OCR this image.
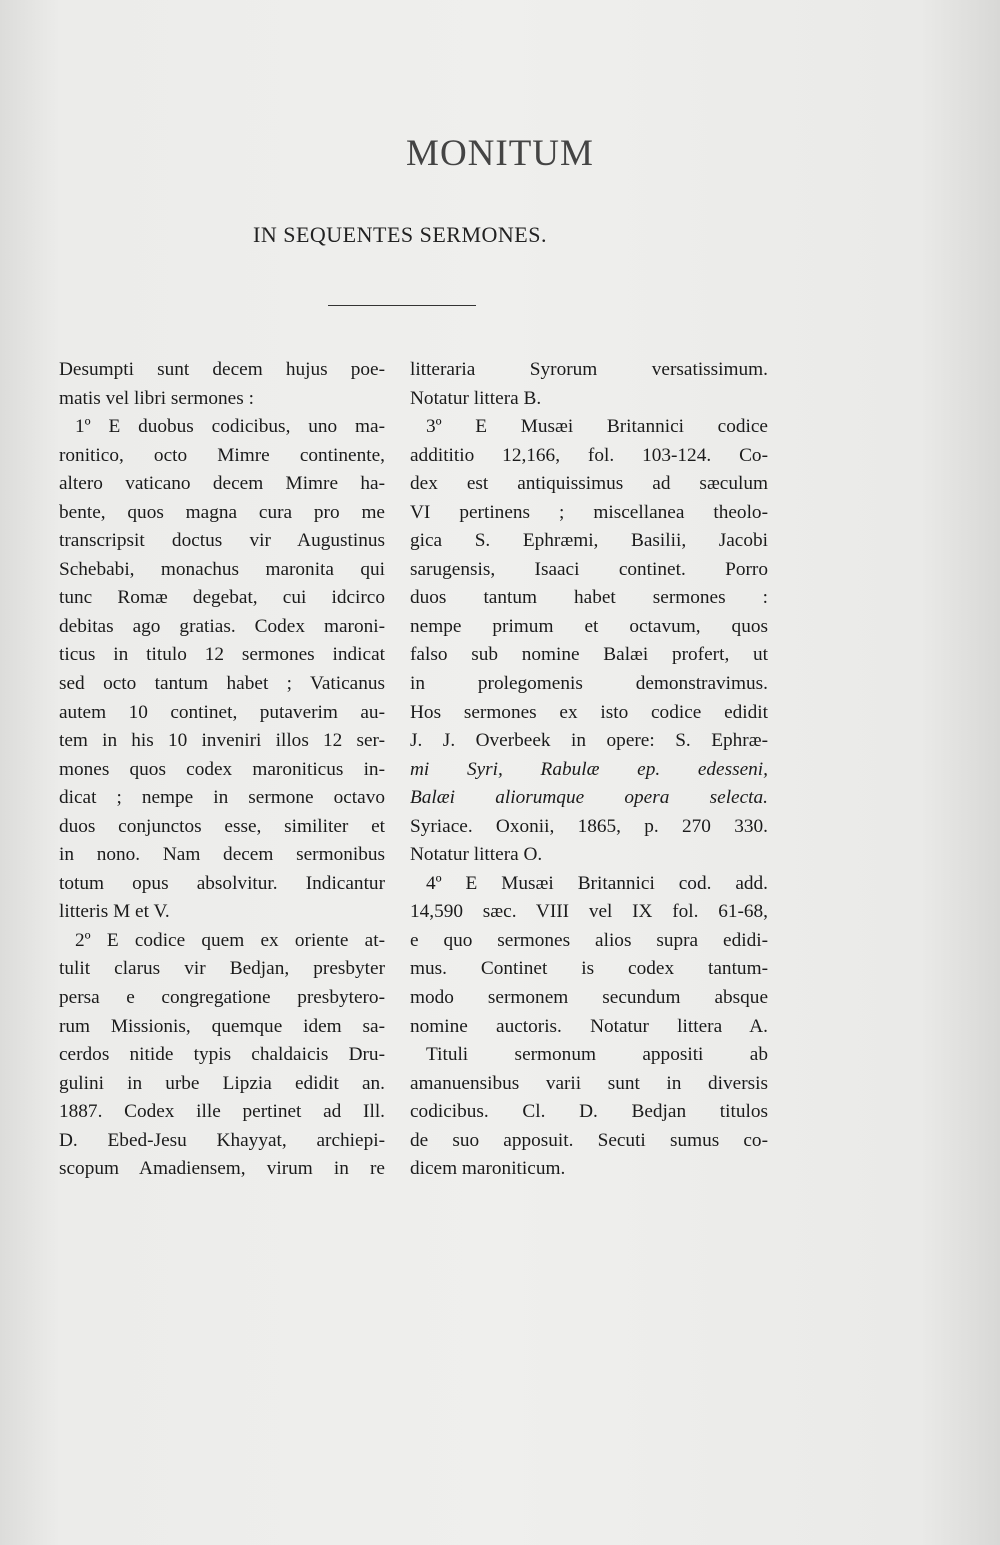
MONITUM
IN SEQUENTES SERMONES.
Desumpti sunt decem hujus poe-
matis vel libri sermones :
1º E duobus codicibus, uno ma-
ronitico, octo Mimre continente,
altero vaticano decem Mimre ha-
bente, quos magna cura pro me
transcripsit doctus vir Augustinus
Schebabi, monachus maronita qui
tunc Romæ degebat, cui idcirco
debitas ago gratias. Codex maroni-
ticus in titulo 12 sermones indicat
sed octo tantum habet ; Vaticanus
autem 10 continet, putaverim au-
tem in his 10 inveniri illos 12 ser-
mones quos codex maroniticus in-
dicat ; nempe in sermone octavo
duos conjunctos esse, similiter et
in nono. Nam decem sermonibus
totum opus absolvitur. Indicantur
litteris M et V.
2º E codice quem ex oriente at-
tulit clarus vir Bedjan, presbyter
persa e congregatione presbytero-
rum Missionis, quemque idem sa-
cerdos nitide typis chaldaicis Dru-
gulini in urbe Lipzia edidit an.
1887. Codex ille pertinet ad Ill.
D. Ebed-Jesu Khayyat, archiepi-
scopum Amadiensem, virum in re
litteraria Syrorum versatissimum.
Notatur littera B.
3º E Musæi Britannici codice
addititio 12,166, fol. 103-124. Co-
dex est antiquissimus ad sæculum
VI pertinens ; miscellanea theolo-
gica S. Ephræmi, Basilii, Jacobi
sarugensis, Isaaci continet. Porro
duos tantum habet sermones :
nempe primum et octavum, quos
falso sub nomine Balæi profert, ut
in prolegomenis demonstravimus.
Hos sermones ex isto codice edidit
J. J. Overbeek in opere: S. Ephræ-
mi Syri, Rabulæ ep. edesseni,
Balæi aliorumque opera selecta.
Syriace. Oxonii, 1865, p. 270 330.
Notatur littera O.
4º E Musæi Britannici cod. add.
14,590 sæc. VIII vel IX fol. 61-68,
e quo sermones alios supra edidi-
mus. Continet is codex tantum-
modo sermonem secundum absque
nomine auctoris. Notatur littera A.
Tituli sermonum appositi ab
amanuensibus varii sunt in diversis
codicibus. Cl. D. Bedjan titulos
de suo apposuit. Secuti sumus co-
dicem maroniticum.
